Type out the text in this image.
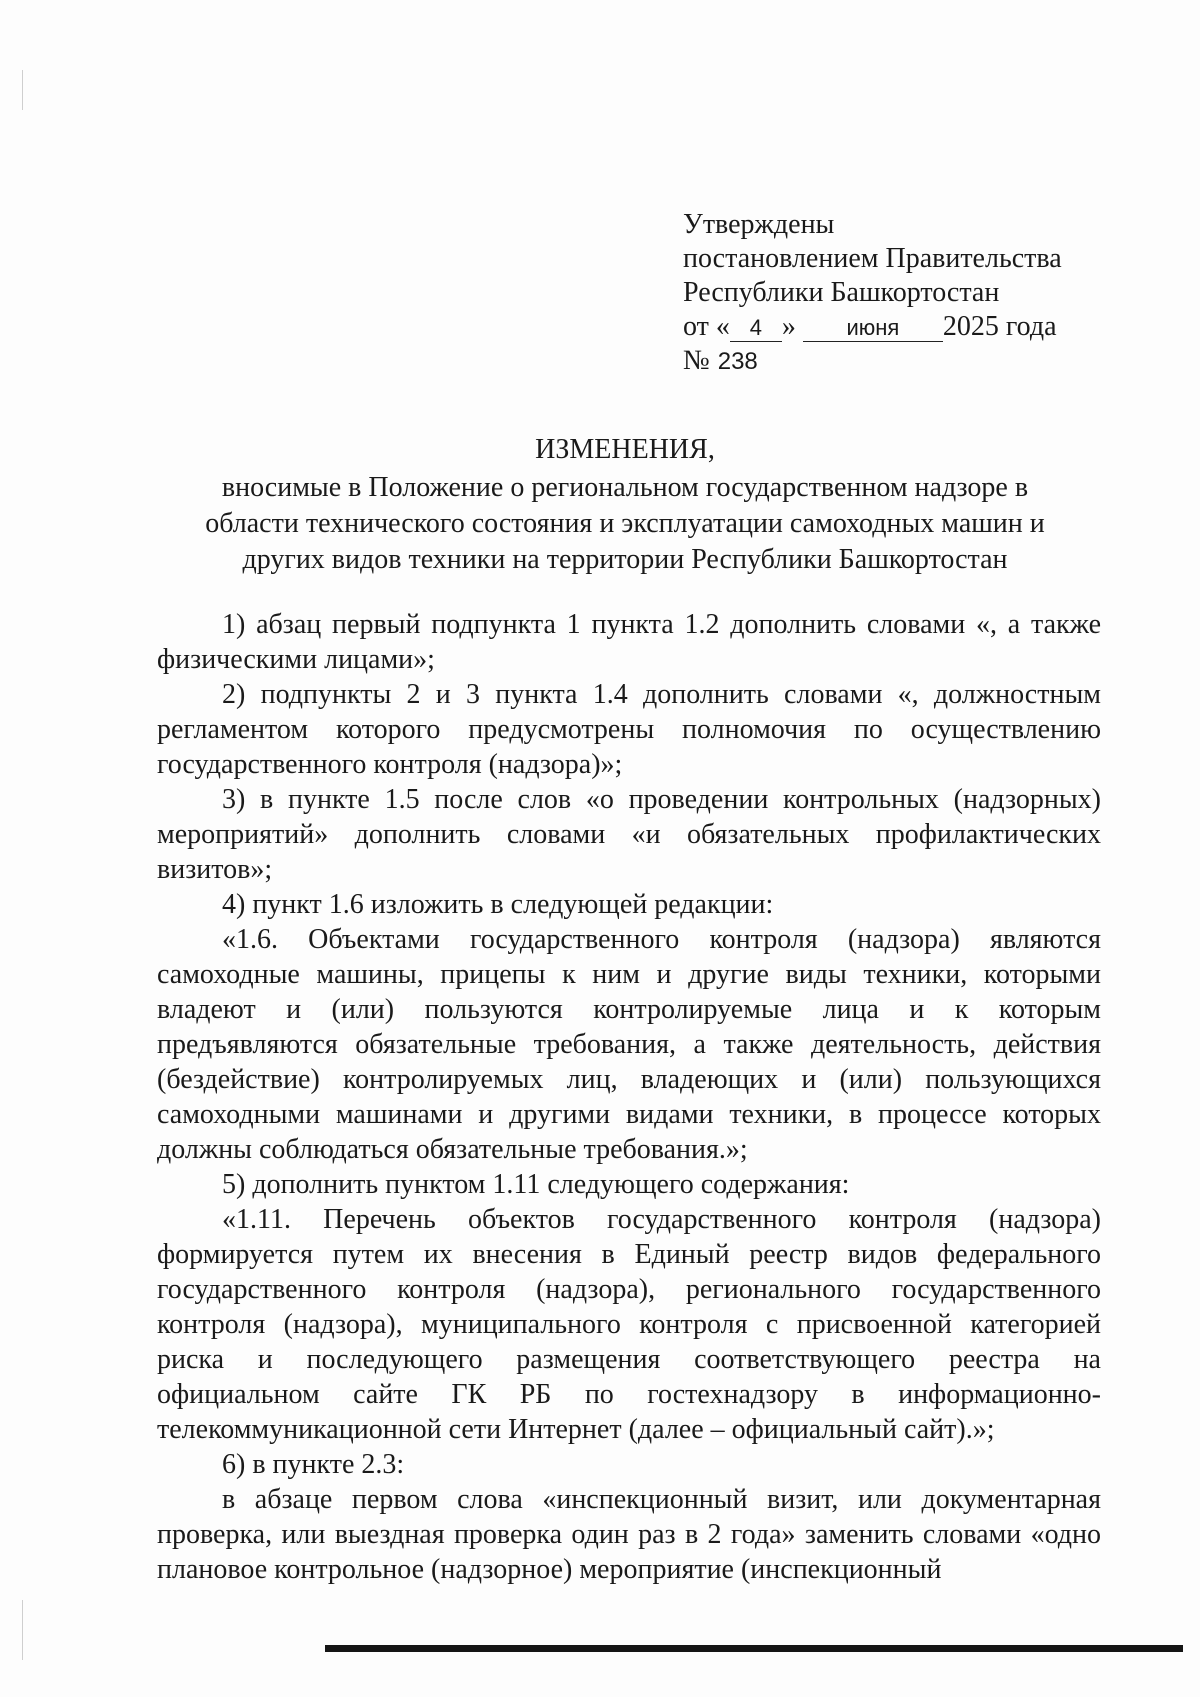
Утверждены
постановлением Правительства
Республики Башкортостан
от « 4 » июня 2025 года
№ 238
ИЗМЕНЕНИЯ,
вносимые в Положение о региональном государственном надзоре в
области технического состояния и эксплуатации самоходных машин и
других видов техники на территории Республики Башкортостан

1) абзац первый подпункта 1 пункта 1.2 дополнить словами «, а также физическими лицами»;

2) подпункты 2 и 3 пункта 1.4 дополнить словами «, должностным регламентом которого предусмотрены полномочия по осуществлению государственного контроля (надзора)»;

3) в пункте 1.5 после слов «о проведении контрольных (надзорных) мероприятий» дополнить словами «и обязательных профилактических визитов»;

4) пункт 1.6 изложить в следующей редакции:

«1.6. Объектами государственного контроля (надзора) являются самоходные машины, прицепы к ним и другие виды техники, которыми владеют и (или) пользуются контролируемые лица и к которым предъявляются обязательные требования, а также деятельность, действия (бездействие) контролируемых лиц, владеющих и (или) пользующихся самоходными машинами и другими видами техники, в процессе которых должны соблюдаться обязательные требования.»;

5) дополнить пунктом 1.11 следующего содержания:

«1.11. Перечень объектов государственного контроля (надзора) формируется путем их внесения в Единый реестр видов федерального государственного контроля (надзора), регионального государственного контроля (надзора), муниципального контроля с присвоенной категорией риска и последующего размещения соответствующего реестра на официальном сайте ГК РБ по гостехнадзору в информационно-телекоммуникационной сети Интернет (далее – официальный сайт).»;

6) в пункте 2.3:

в абзаце первом слова «инспекционный визит, или документарная проверка, или выездная проверка один раз в 2 года» заменить словами «одно плановое контрольное (надзорное) мероприятие (инспекционный
